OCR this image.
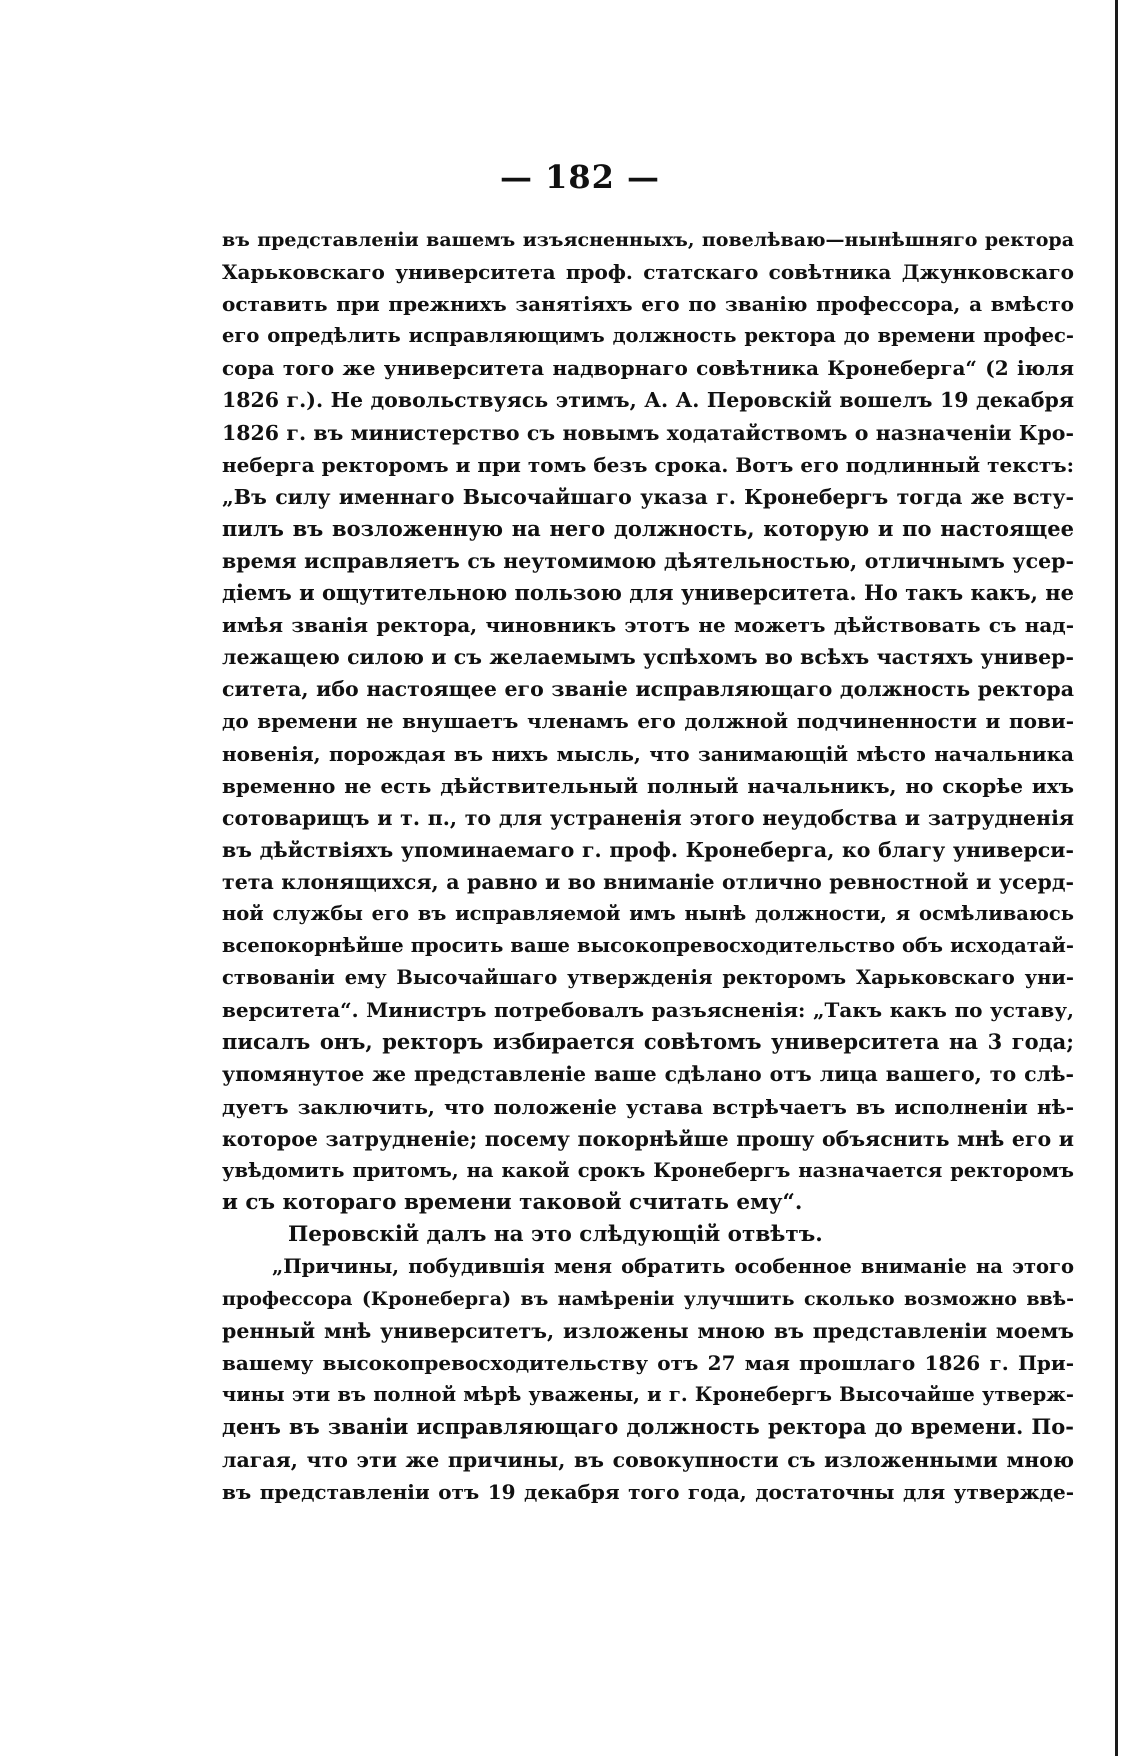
— 182 —
въ представленіи вашемъ изъясненныхъ, повелѣваю—нынѣшняго ректора
Харьковскаго университета проф. статскаго совѣтника Джунковскаго
оставить при прежнихъ занятіяхъ его по званію профессора, а вмѣсто
его опредѣлить исправляющимъ должность ректора до времени профес-
сора того же университета надворнаго совѣтника Кронеберга“ (2 іюля
1826 г.). Не довольствуясь этимъ, А. А. Перовскій вошелъ 19 декабря
1826 г. въ министерство съ новымъ ходатайствомъ о назначеніи Кро-
неберга ректоромъ и при томъ безъ срока. Вотъ его подлинный текстъ:
„Въ силу именнаго Высочайшаго указа г. Кронебергъ тогда же всту-
пилъ въ возложенную на него должность, которую и по настоящее
время исправляетъ съ неутомимою дѣятельностью, отличнымъ усер-
діемъ и ощутительною пользою для университета. Но такъ какъ, не
имѣя званія ректора, чиновникъ этотъ не можетъ дѣйствовать съ над-
лежащею силою и съ желаемымъ успѣхомъ во всѣхъ частяхъ универ-
ситета, ибо настоящее его званіе исправляющаго должность ректора
до времени не внушаетъ членамъ его должной подчиненности и пови-
новенія, порождая въ нихъ мысль, что занимающій мѣсто начальника
временно не есть дѣйствительный полный начальникъ, но скорѣе ихъ
сотоварищъ и т. п., то для устраненія этого неудобства и затрудненія
въ дѣйствіяхъ упоминаемаго г. проф. Кронеберга, ко благу универси-
тета клонящихся, а равно и во вниманіе отлично ревностной и усерд-
ной службы его въ исправляемой имъ нынѣ должности, я осмѣливаюсь
всепокорнѣйше просить ваше высокопревосходительство объ исходатай-
ствованіи ему Высочайшаго утвержденія ректоромъ Харьковскаго уни-
верситета“. Министръ потребовалъ разъясненія: „Такъ какъ по уставу,
писалъ онъ, ректоръ избирается совѣтомъ университета на 3 года;
упомянутое же представленіе ваше сдѣлано отъ лица вашего, то слѣ-
дуетъ заключить, что положеніе устава встрѣчаетъ въ исполненіи нѣ-
которое затрудненіе; посему покорнѣйше прошу объяснить мнѣ его и
увѣдомить притомъ, на какой срокъ Кронебергъ назначается ректоромъ
и съ котораго времени таковой считать ему“.
Перовскій далъ на это слѣдующій отвѣтъ.
„Причины, побудившія меня обратить особенное вниманіе на этого
профессора (Кронеберга) въ намѣреніи улучшить сколько возможно ввѣ-
ренный мнѣ университетъ, изложены мною въ представленіи моемъ
вашему высокопревосходительству отъ 27 мая прошлаго 1826 г. При-
чины эти въ полной мѣрѣ уважены, и г. Кронебергъ Высочайше утверж-
денъ въ званіи исправляющаго должность ректора до времени. По-
лагая, что эти же причины, въ совокупности съ изложенными мною
въ представленіи отъ 19 декабря того года, достаточны для утвержде-
